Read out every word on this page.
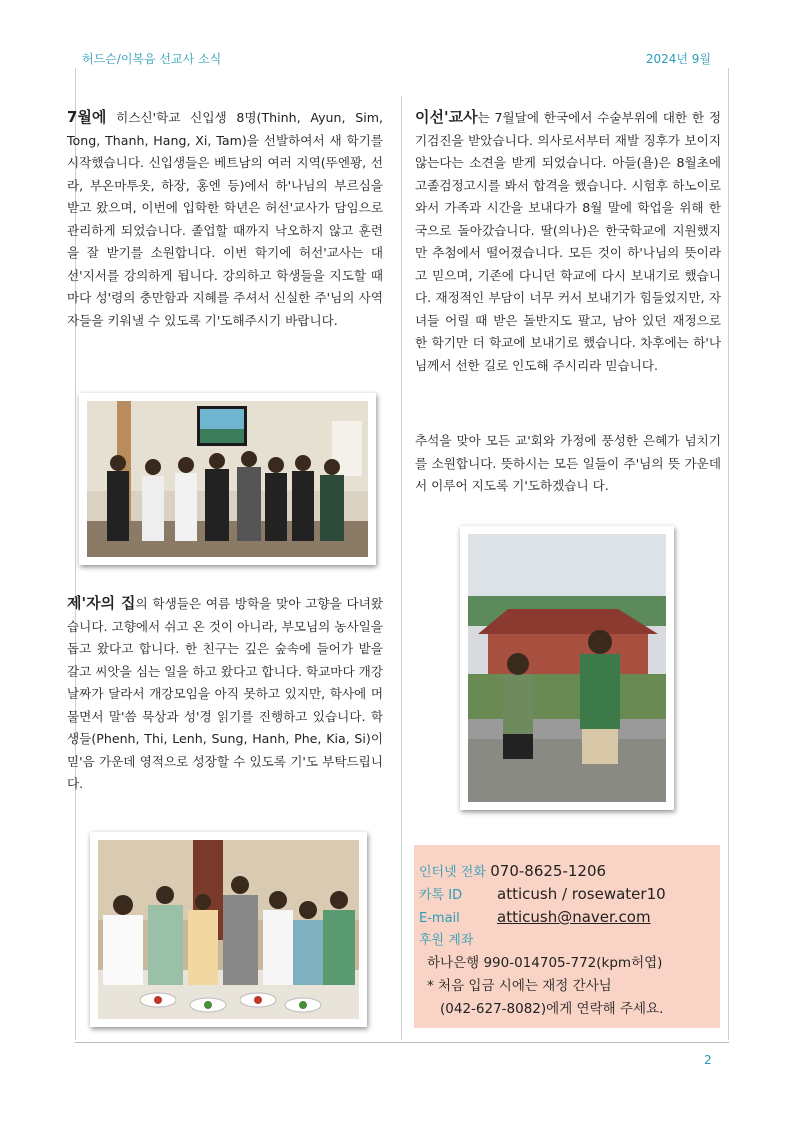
허드슨/이복음 선교사 소식	2024년 9월
7월에 히스신'학교 신입생 8명(Thinh, Ayun, Sim, Tong, Thanh, Hang, Xi, Tam)을 선발하여서 새 학기를 시작했습니다. 신입생들은 베트남의 여러 지역(뚜엔꽝, 선라, 부온마투옷, 하장, 홍엔 등)에서 하'나님의 부르심을 받고 왔으며, 이번에 입학한 학년은 허선'교사가 담임으로 관리하게 되었습니다. 졸업할 때까지 낙오하지 않고 훈련을 잘 받기를 소원합니다. 이번 학기에 허선'교사는 대선'지서를 강의하게 됩니다. 강의하고 학생들을 지도할 때마다 성'령의 충만함과 지혜를 주셔서 신실한 주'님의 사역자들을 키워낼 수 있도록 기'도해주시기 바랍니다.
제'자의 집의 학생들은 여름 방학을 맞아 고향을 다녀왔습니다. 고향에서 쉬고 온 것이 아니라, 부모님의 농사일을 돕고 왔다고 합니다. 한 친구는 깊은 숲속에 들어가 밭을 갈고 씨앗을 심는 일을 하고 왔다고 합니다. 학교마다 개강 날짜가 달라서 개강모임을 아직 못하고 있지만, 학사에 머물면서 말'씀 묵상과 성'경 읽기를 진행하고 있습니다. 학생들(Phenh, Thi, Lenh, Sung, Hanh, Phe, Kia, Si)이 믿'음 가운데 영적으로 성장할 수 있도록 기'도 부탁드립니다.
이선'교사는 7월달에 한국에서 수술부위에 대한 한 정기검진을 받았습니다. 의사로서부터 재발 징후가 보이지 않는다는 소견을 받게 되었습니다. 아들(욜)은 8월초에 고졸검정고시를 봐서 합격을 했습니다. 시험후 하노이로 와서 가족과 시간을 보내다가 8월 말에 학업을 위해 한국으로 돌아갔습니다. 딸(의나)은 한국학교에 지원했지만 추첨에서 떨어졌습니다. 모든 것이 하'나님의 뜻이라고 믿으며, 기존에 다니던 학교에 다시 보내기로 했습니다. 재정적인 부담이 너무 커서 보내기가 힘들었지만, 자녀들 어릴 때 받은 돌반지도 팔고, 남아 있던 재정으로 한 학기만 더 학교에 보내기로 했습니다. 차후에는 하'나님께서 선한 길로 인도해 주시리라 믿습니다.
추석을 맞아 모든 교'회와 가정에 풍성한 은혜가 넘치기를 소원합니다. 뜻하시는 모든 일들이 주'님의 뜻 가운데서 이루어 지도록 기'도하겠습니 다.
인터넷 전화 070-8625-1206
카톡 ID atticush / rosewater10
E-mail atticush@naver.com
후원 계좌
하나은행 990-014705-772(kpm허엽)
* 처음 입금 시에는 재정 간사님
(042-627-8082)에게 연락해 주세요.
2
